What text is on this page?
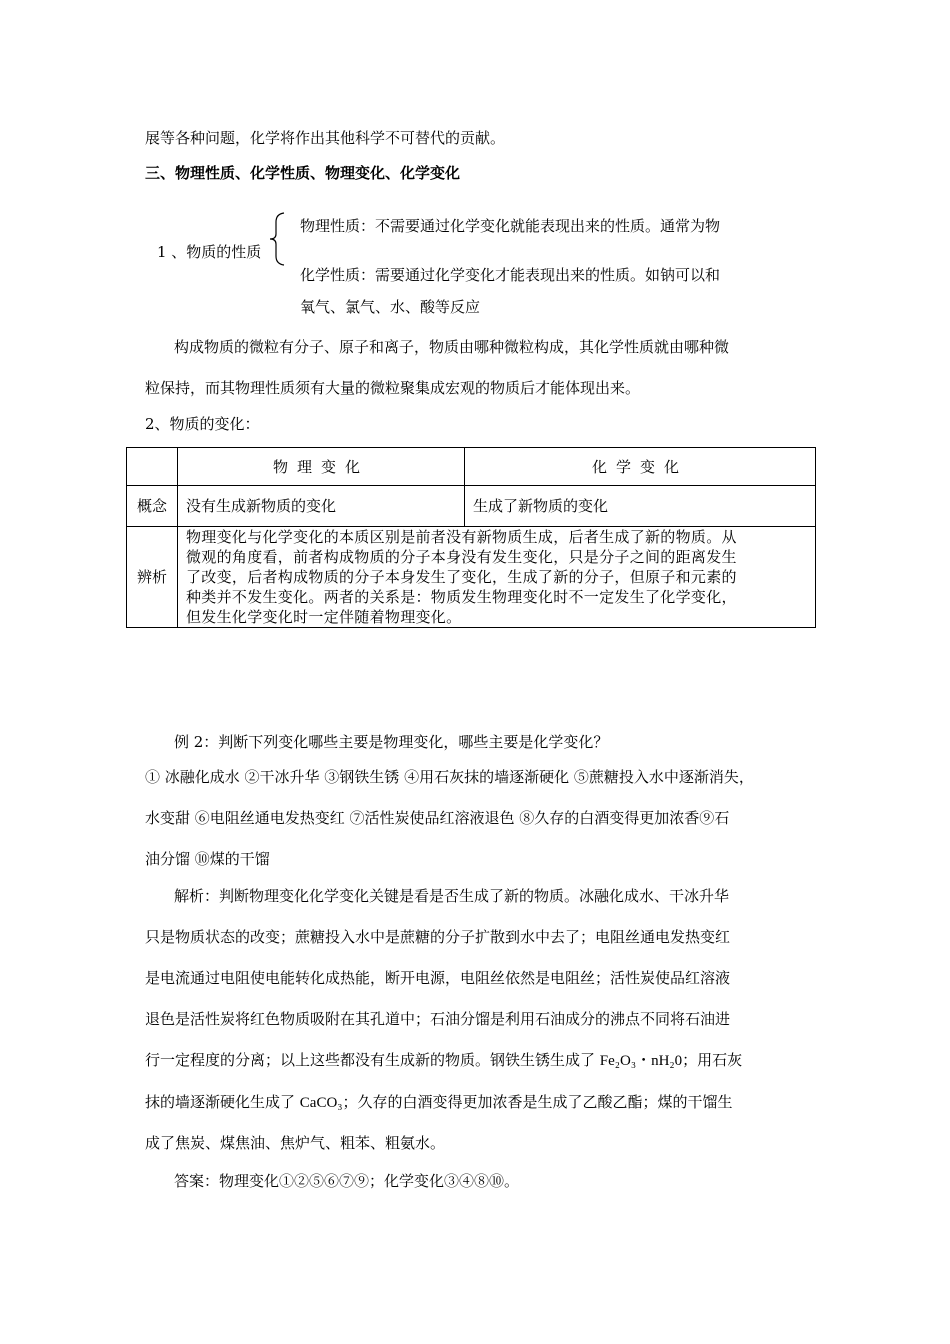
展等各种问题，化学将作出其他科学不可替代的贡献。
三、物理性质、化学性质、物理变化、化学变化
1 、物质的性质
物理性质：不需要通过化学变化就能表现出来的性质。通常为物
化学性质：需要通过化学变化才能表现出来的性质。如钠可以和
氧气、氯气、水、酸等反应
构成物质的微粒有分子、原子和离子，物质由哪种微粒构成，其化学性质就由哪种微
粒保持，而其物理性质须有大量的微粒聚集成宏观的物质后才能体现出来。
2、物质的变化：
	物理变化	化学变化
概念	没有生成新物质的变化	生成了新物质的变化
辨析	物理变化与化学变化的本质区别是前者没有新物质生成，后者生成了新的物质。从
微观的角度看，前者构成物质的分子本身没有发生变化，只是分子之间的距离发生
了改变，后者构成物质的分子本身发生了变化，生成了新的分子，但原子和元素的
种类并不发生变化。两者的关系是：物质发生物理变化时不一定发生了化学变化，
但发生化学变化时一定伴随着物理变化。	
例 2：判断下列变化哪些主要是物理变化，哪些主要是化学变化？
① 冰融化成水 ②干冰升华 ③钢铁生锈 ④用石灰抹的墙逐渐硬化 ⑤蔗糖投入水中逐渐消失，
水变甜 ⑥电阻丝通电发热变红 ⑦活性炭使品红溶液退色 ⑧久存的白酒变得更加浓香⑨石
油分馏 ⑩煤的干馏
解析：判断物理变化化学变化关键是看是否生成了新的物质。冰融化成水、干冰升华
只是物质状态的改变；蔗糖投入水中是蔗糖的分子扩散到水中去了；电阻丝通电发热变红
是电流通过电阻使电能转化成热能，断开电源，电阻丝依然是电阻丝；活性炭使品红溶液
退色是活性炭将红色物质吸附在其孔道中；石油分馏是利用石油成分的沸点不同将石油进
行一定程度的分离；以上这些都没有生成新的物质。钢铁生锈生成了 Fe₂O₃・nH₂0；用石灰
抹的墙逐渐硬化生成了 CaCO₃；久存的白酒变得更加浓香是生成了乙酸乙酯；煤的干馏生
成了焦炭、煤焦油、焦炉气、粗苯、粗氨水。
答案：物理变化①②⑤⑥⑦⑨；化学变化③④⑧⑩。
